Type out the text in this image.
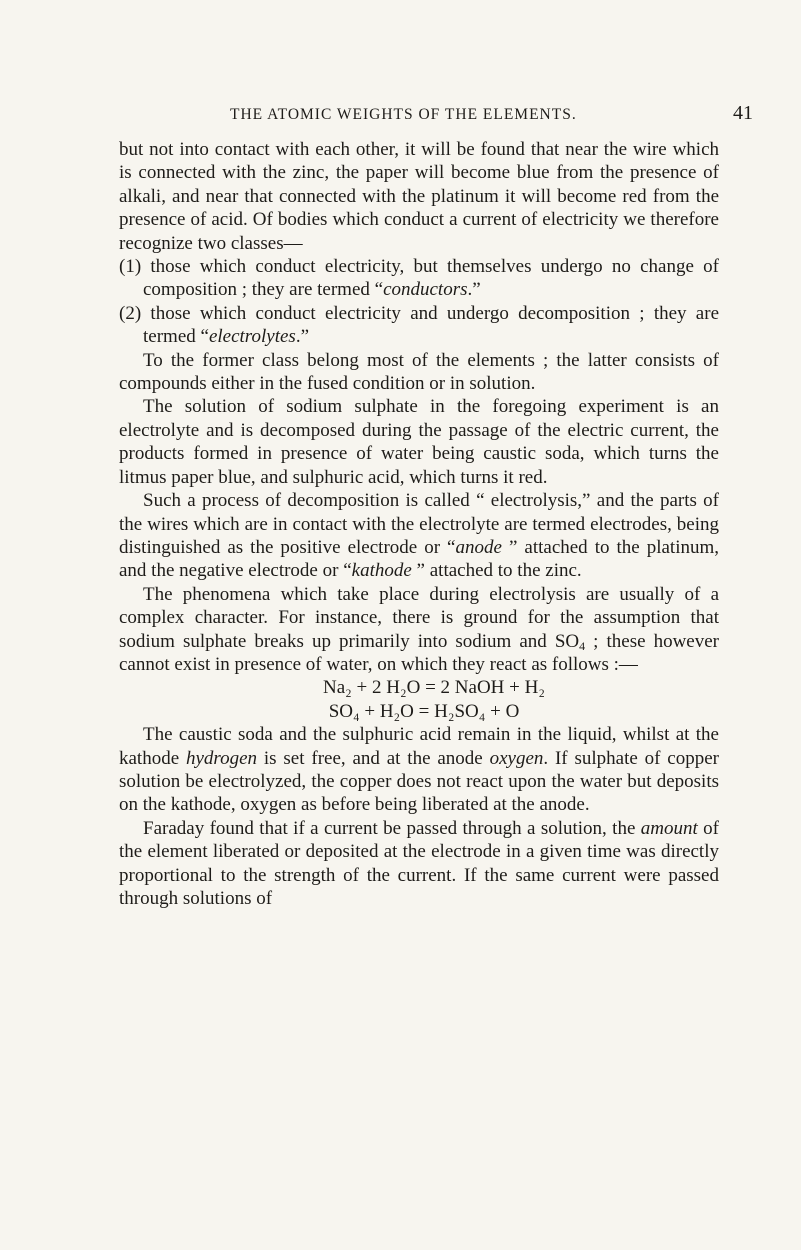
THE ATOMIC WEIGHTS OF THE ELEMENTS.	41

but not into contact with each other, it will be found that near the wire which is connected with the zinc, the paper will become blue from the presence of alkali, and near that connected with the platinum it will become red from the presence of acid. Of bodies which conduct a current of electricity we therefore recognize two classes—

(1) those which conduct electricity, but themselves undergo no change of composition ; they are termed “conductors.”

(2) those which conduct electricity and undergo decomposition ; they are termed “electrolytes.”

To the former class belong most of the elements ; the latter consists of compounds either in the fused condition or in solution.

The solution of sodium sulphate in the foregoing experiment is an electrolyte and is decomposed during the passage of the electric current, the products formed in presence of water being caustic soda, which turns the litmus paper blue, and sulphuric acid, which turns it red.

Such a process of decomposition is called “ electrolysis,” and the parts of the wires which are in contact with the electrolyte are termed electrodes, being distinguished as the positive electrode or “anode ” attached to the platinum, and the negative electrode or “kathode ” attached to the zinc.

The phenomena which take place during electrolysis are usually of a complex character. For instance, there is ground for the assumption that sodium sulphate breaks up primarily into sodium and $SO_4$ ; these however cannot exist in presence of water, on which they react as follows :—

Na₂ + 2 H₂O = 2 NaOH + H₂

SO₄ + H₂O = H₂SO₄ + O

The caustic soda and the sulphuric acid remain in the liquid, whilst at the kathode hydrogen is set free, and at the anode oxygen. If sulphate of copper solution be electrolyzed, the copper does not react upon the water but deposits on the kathode, oxygen as before being liberated at the anode.

Faraday found that if a current be passed through a solution, the amount of the element liberated or deposited at the electrode in a given time was directly proportional to the strength of the current. If the same current were passed through solutions of
